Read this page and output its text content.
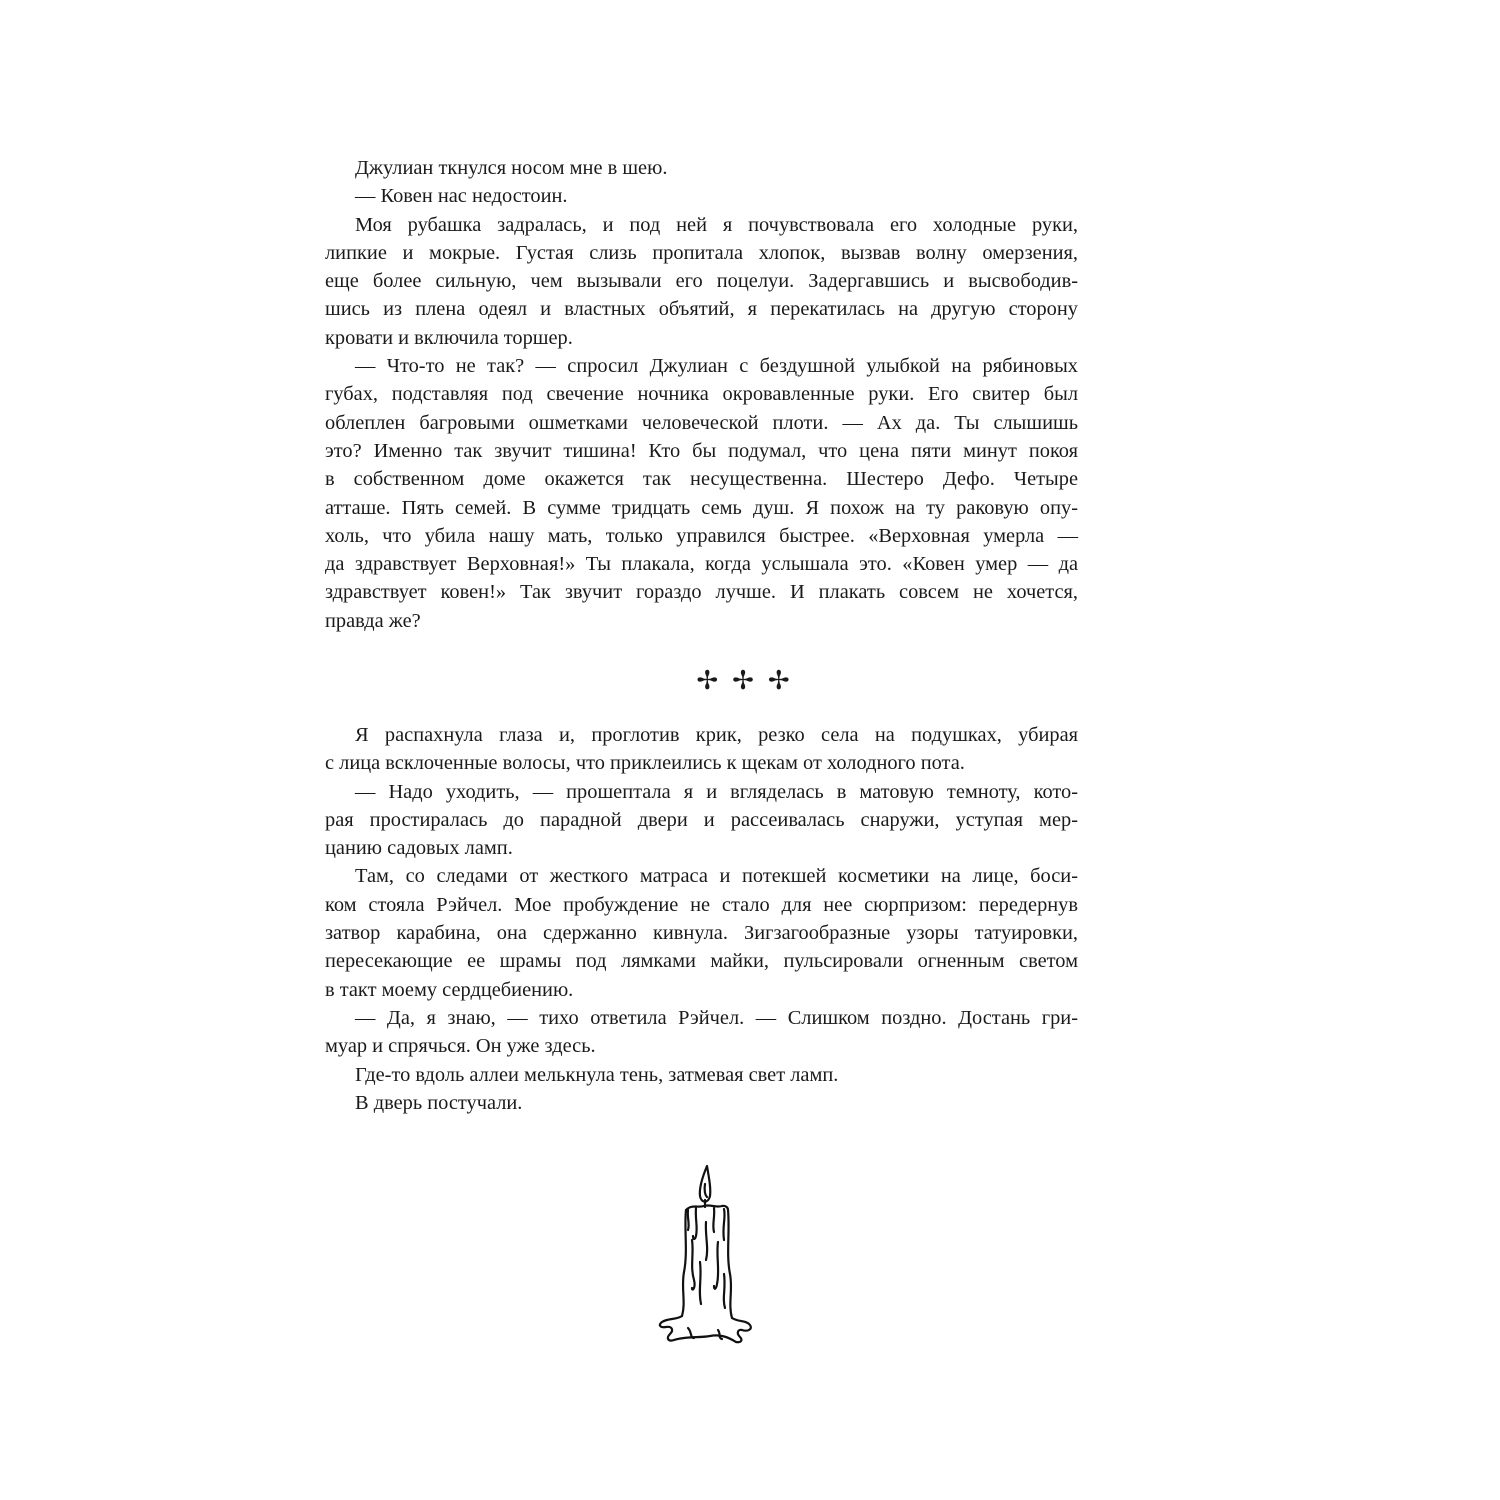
Джулиан ткнулся носом мне в шею.
— Ковен нас недостоин.
Моя рубашка задралась, и под ней я почувствовала его холодные руки,
липкие и мокрые. Густая слизь пропитала хлопок, вызвав волну омерзения,
еще более сильную, чем вызывали его поцелуи. Задергавшись и высвободив-
шись из плена одеял и властных объятий, я перекатилась на другую сторону
кровати и включила торшер.
— Что-то не так? — спросил Джулиан с бездушной улыбкой на рябиновых
губах, подставляя под свечение ночника окровавленные руки. Его свитер был
облеплен багровыми ошметками человеческой плоти. — Ах да. Ты слышишь
это? Именно так звучит тишина! Кто бы подумал, что цена пяти минут покоя
в собственном доме окажется так несущественна. Шестеро Дефо. Четыре
атташе. Пять семей. В сумме тридцать семь душ. Я похож на ту раковую опу-
холь, что убила нашу мать, только управился быстрее. «Верховная умерла —
да здравствует Верховная!» Ты плакала, когда услышала это. «Ковен умер — да
здравствует ковен!» Так звучит гораздо лучше. И плакать совсем не хочется,
правда же?
✢✢✢
Я распахнула глаза и, проглотив крик, резко села на подушках, убирая
с лица всклоченные волосы, что приклеились к щекам от холодного пота.
— Надо уходить, — прошептала я и вгляделась в матовую темноту, кото-
рая простиралась до парадной двери и рассеивалась снаружи, уступая мер-
цанию садовых ламп.
Там, со следами от жесткого матраса и потекшей косметики на лице, боси-
ком стояла Рэйчел. Мое пробуждение не стало для нее сюрпризом: передернув
затвор карабина, она сдержанно кивнула. Зигзагообразные узоры татуировки,
пересекающие ее шрамы под лямками майки, пульсировали огненным светом
в такт моему сердцебиению.
— Да, я знаю, — тихо ответила Рэйчел. — Слишком поздно. Достань гри-
муар и спрячься. Он уже здесь.
Где-то вдоль аллеи мелькнула тень, затмевая свет ламп.
В дверь постучали.
